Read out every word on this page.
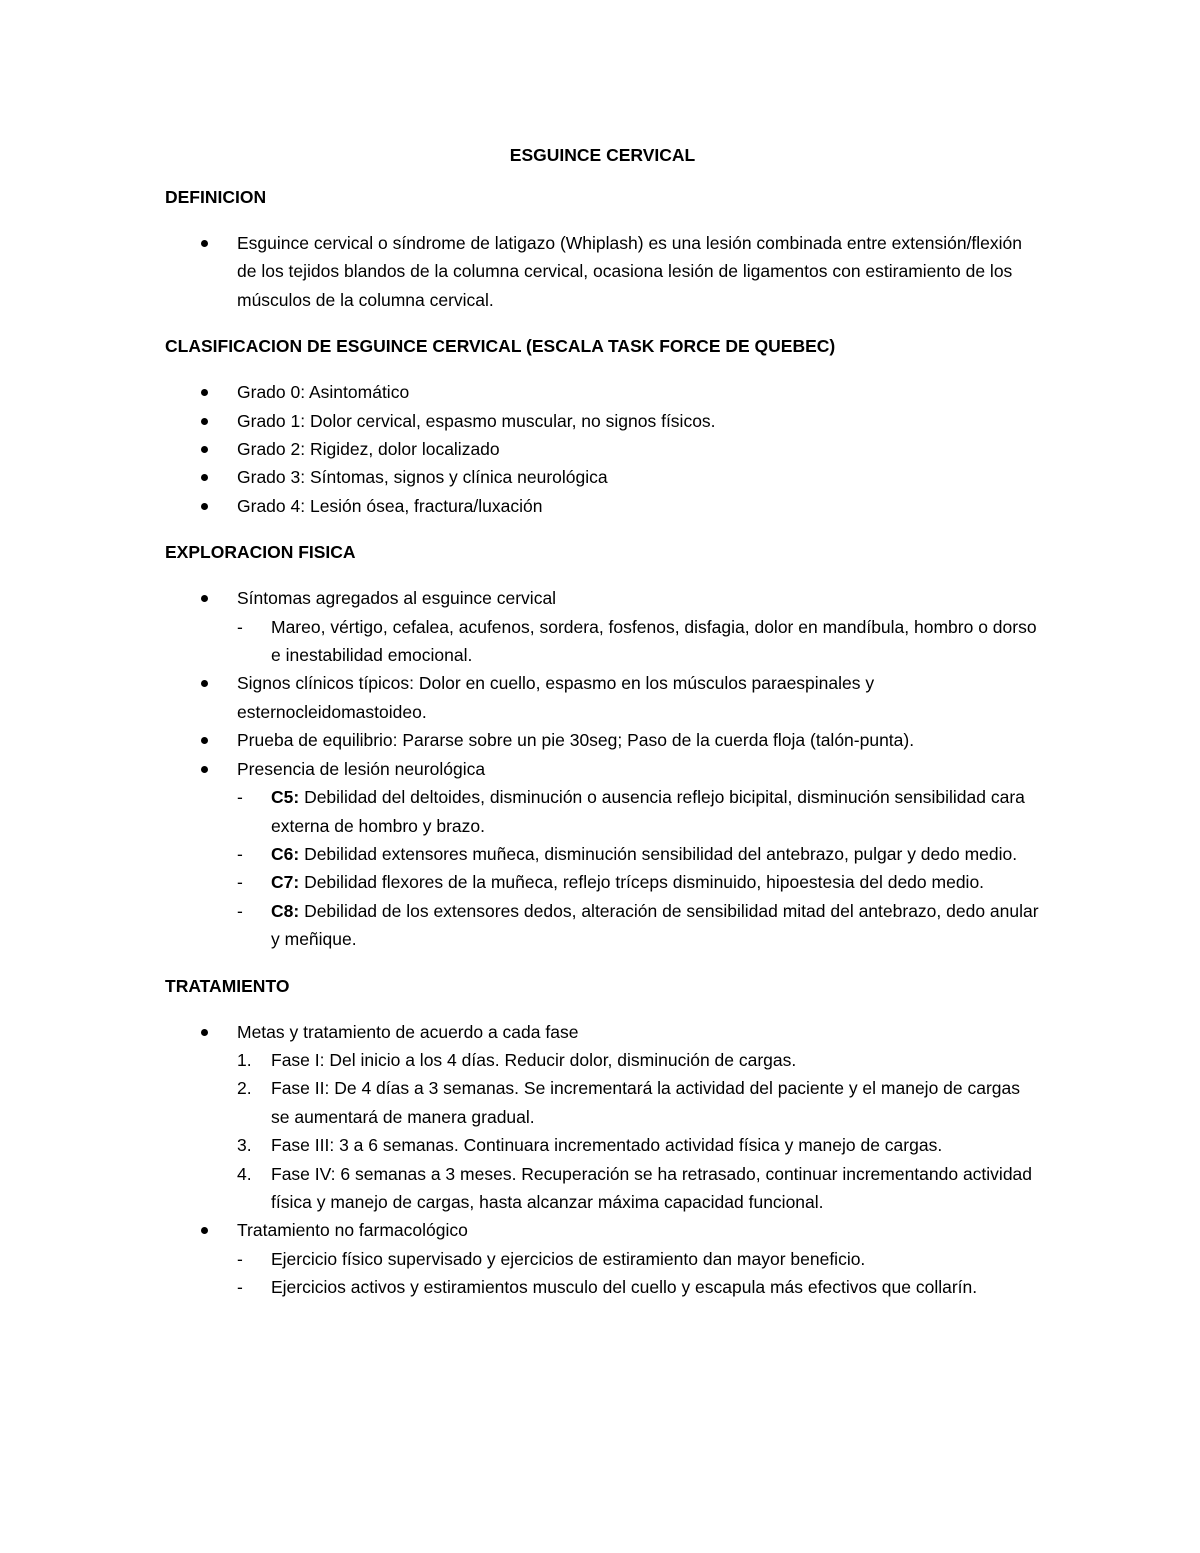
ESGUINCE CERVICAL
DEFINICION
Esguince cervical o síndrome de latigazo (Whiplash) es una lesión combinada entre extensión/flexión de los tejidos blandos de la columna cervical, ocasiona lesión de ligamentos con estiramiento de los músculos de la columna cervical.
CLASIFICACION DE ESGUINCE CERVICAL (ESCALA TASK FORCE DE QUEBEC)
Grado 0: Asintomático
Grado 1: Dolor cervical, espasmo muscular, no signos físicos.
Grado 2: Rigidez, dolor localizado
Grado 3: Síntomas, signos y clínica neurológica
Grado 4: Lesión ósea, fractura/luxación
EXPLORACION FISICA
Síntomas agregados al esguince cervical
- Mareo, vértigo, cefalea, acufenos, sordera, fosfenos, disfagia, dolor en mandíbula, hombro o dorso e inestabilidad emocional.
Signos clínicos típicos: Dolor en cuello, espasmo en los músculos paraespinales y esternocleidomastoideo.
Prueba de equilibrio: Pararse sobre un pie 30seg; Paso de la cuerda floja (talón-punta).
Presencia de lesión neurológica
- C5: Debilidad del deltoides, disminución o ausencia reflejo bicipital, disminución sensibilidad cara externa de hombro y brazo.
- C6: Debilidad extensores muñeca, disminución sensibilidad del antebrazo, pulgar y dedo medio.
- C7: Debilidad flexores de la muñeca, reflejo tríceps disminuido, hipoestesia del dedo medio.
- C8: Debilidad de los extensores dedos, alteración de sensibilidad mitad del antebrazo, dedo anular y meñique.
TRATAMIENTO
Metas y tratamiento de acuerdo a cada fase
1. Fase I: Del inicio a los 4 días. Reducir dolor, disminución de cargas.
2. Fase II: De 4 días a 3 semanas. Se incrementará la actividad del paciente y el manejo de cargas se aumentará de manera gradual.
3. Fase III: 3 a 6 semanas. Continuara incrementado actividad física y manejo de cargas.
4. Fase IV: 6 semanas a 3 meses. Recuperación se ha retrasado, continuar incrementando actividad física y manejo de cargas, hasta alcanzar máxima capacidad funcional.
Tratamiento no farmacológico
- Ejercicio físico supervisado y ejercicios de estiramiento dan mayor beneficio.
- Ejercicios activos y estiramientos musculo del cuello y escapula más efectivos que collarín.
